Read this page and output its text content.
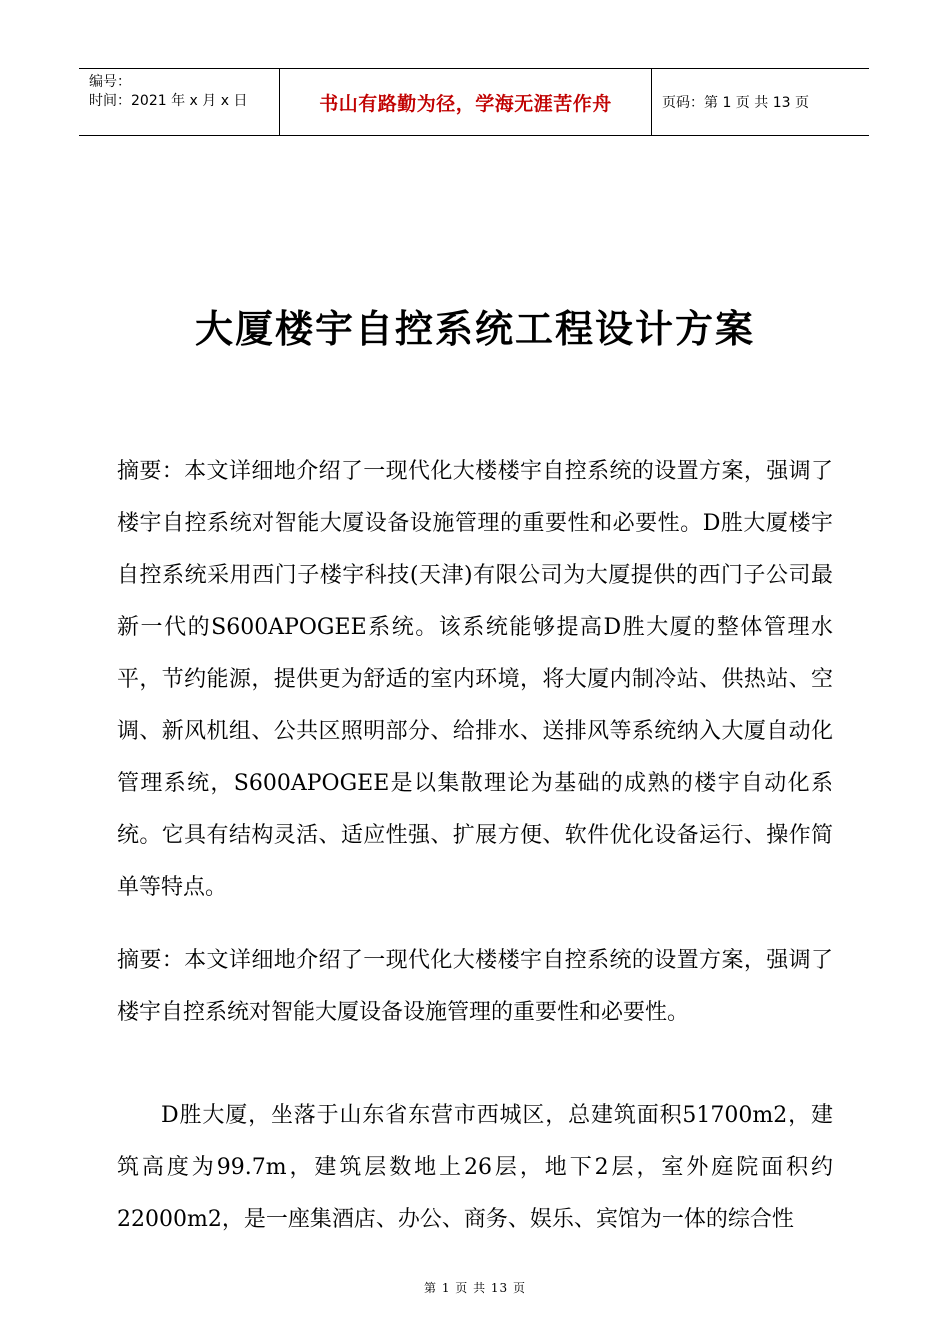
编号：
时间：2021 年 x 月 x 日	书山有路勤为径，学海无涯苦作舟	页码：第 1 页 共 13 页
大厦楼宇自控系统工程设计方案
摘要：本文详细地介绍了一现代化大楼楼宇自控系统的设置方案，强调了楼宇自控系统对智能大厦设备设施管理的重要性和必要性。D胜大厦楼宇自控系统采用西门子楼宇科技(天津)有限公司为大厦提供的西门子公司最新一代的S600APOGEE系统。该系统能够提高D胜大厦的整体管理水平，节约能源，提供更为舒适的室内环境，将大厦内制冷站、供热站、空调、新风机组、公共区照明部分、给排水、送排风等系统纳入大厦自动化管理系统，S600APOGEE是以集散理论为基础的成熟的楼宇自动化系统。它具有结构灵活、适应性强、扩展方便、软件优化设备运行、操作简单等特点。
摘要：本文详细地介绍了一现代化大楼楼宇自控系统的设置方案，强调了楼宇自控系统对智能大厦设备设施管理的重要性和必要性。
D胜大厦，坐落于山东省东营市西城区，总建筑面积51700m2，建筑高度为99.7m，建筑层数地上26层，地下2层，室外庭院面积约22000m2，是一座集酒店、办公、商务、娱乐、宾馆为一体的综合性
第 1 页 共 13 页
